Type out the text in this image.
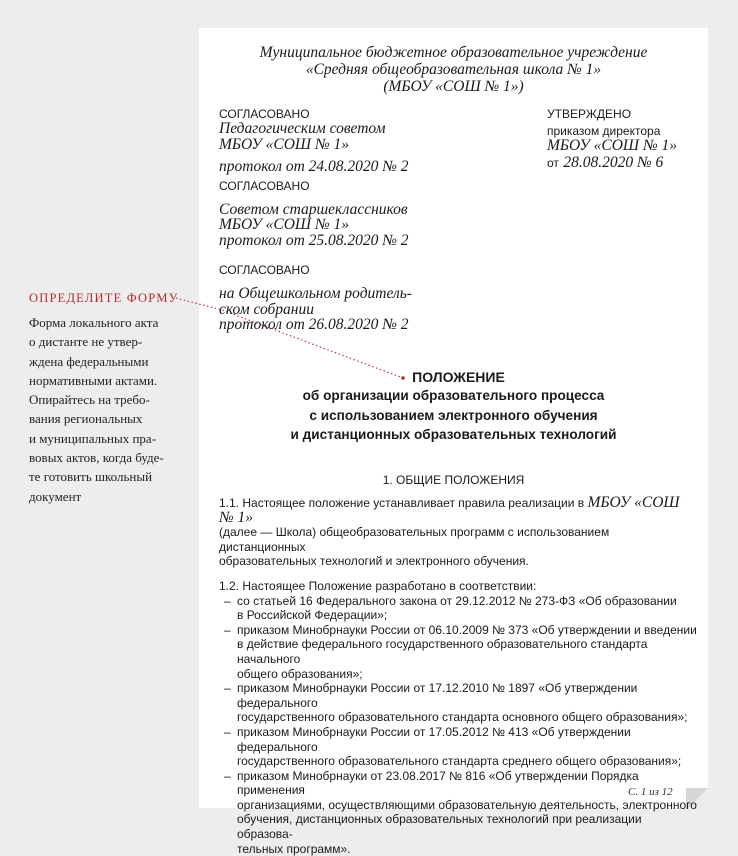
ОПРЕДЕЛИТЕ ФОРМУ
Форма локального акта
о дистанте не утвер-
ждена федеральными
нормативными актами.
Опирайтесь на требо-
вания региональных
и муниципальных пра-
вовых актов, когда буде-
те готовить школьный
документ
Муниципальное бюджетное образовательное учреждение
«Средняя общеобразовательная школа № 1»
(МБОУ «СОШ № 1»)
СОГЛАСОВАНО
Педагогическим советом
МБОУ «СОШ № 1»
протокол от 24.08.2020 № 2
СОГЛАСОВАНО
Советом старшеклассников
МБОУ «СОШ № 1»
протокол от 25.08.2020 № 2
СОГЛАСОВАНО
на Общешкольном родитель-
ском собрании
протокол от 26.08.2020 № 2
УТВЕРЖДЕНО
приказом директора
МБОУ «СОШ № 1»
от 28.08.2020 № 6
ПОЛОЖЕНИЕ
об организации образовательного процесса
с использованием электронного обучения
и дистанционных образовательных технологий
1. ОБЩИЕ ПОЛОЖЕНИЯ
1.1. Настоящее положение устанавливает правила реализации в МБОУ «СОШ № 1»
(далее — Школа) общеобразовательных программ с использованием дистанционных
образовательных технологий и электронного обучения.
1.2. Настоящее Положение разработано в соответствии:
– со статьей 16 Федерального закона от 29.12.2012 № 273-ФЗ «Об образовании
в Российской Федерации»;
– приказом Минобрнауки России от 06.10.2009 № 373 «Об утверждении и введении
в действие федерального государственного образовательного стандарта начального
общего образования»;
– приказом Минобрнауки России от 17.12.2010 № 1897 «Об утверждении федерального
государственного образовательного стандарта основного общего образования»;
– приказом Минобрнауки России от 17.05.2012 № 413 «Об утверждении федерального
государственного образовательного стандарта среднего общего образования»;
– приказом Минобрнауки от 23.08.2017 № 816 «Об утверждении Порядка применения
организациями, осуществляющими образовательную деятельность, электронного
обучения, дистанционных образовательных технологий при реализации образова-
тельных программ».
С. 1 из 12
